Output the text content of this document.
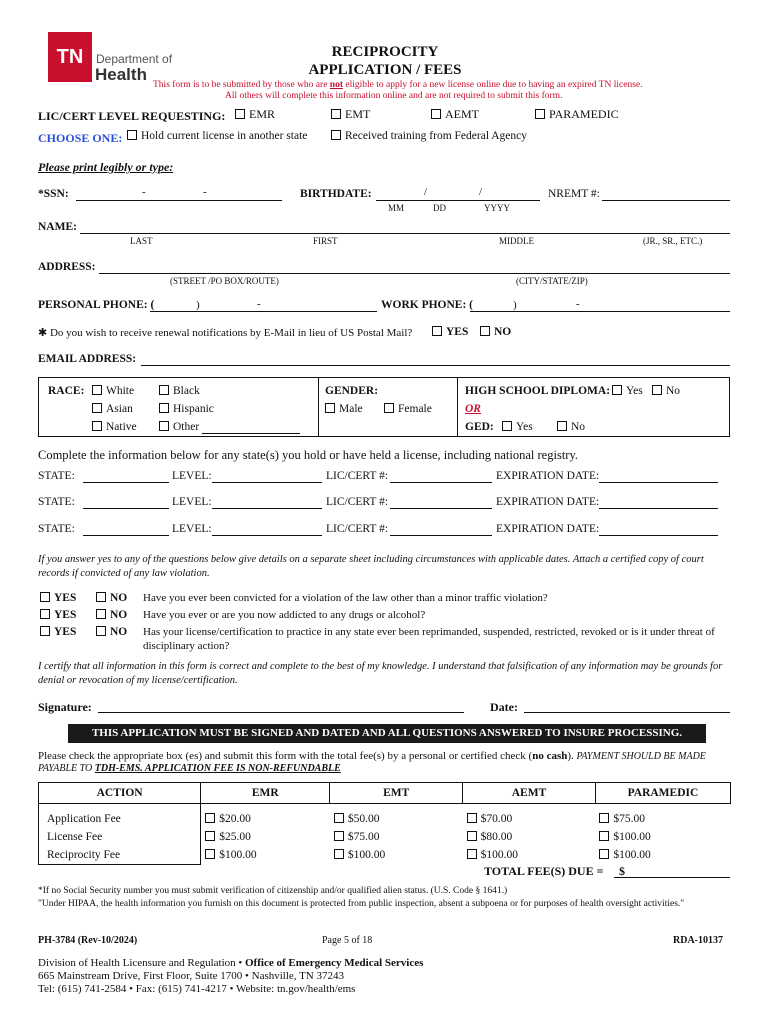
TN	Department of
Health
RECIPROCITY
APPLICATION / FEES
This form is to be submitted by those who are not eligible to apply for a new license online due to having an expired TN license.
All others will complete this information online and are not required to submit this form.
LIC/CERT LEVEL REQUESTING:	EMR	EMT	AEMT	PARAMEDIC
CHOOSE ONE:	Hold current license in another state	Received training from Federal Agency
Please print legibly or type:
*SSN:	-	-	BIRTHDATE:	/	/
MM	DD	YYYY
NREMT #:
NAME:
LAST	FIRST	MIDDLE	(JR., SR., ETC.)
ADDRESS:
(STREET /PO BOX/ROUTE)	(CITY/STATE/ZIP)
PERSONAL PHONE: (	)	-	WORK PHONE: (	)	-
✱ Do you wish to receive renewal notifications by E-Mail in lieu of US Postal Mail?	YES	NO
EMAIL ADDRESS:
RACE:	White
Asian
Native
Black
Hispanic
Other
GENDER:
Male	Female
HIGH SCHOOL DIPLOMA:	Yes	No
OR
GED:	Yes	No
Complete the information below for any state(s) you hold or have held a license, including national registry.
STATE:	LEVEL:	LIC/CERT #:	EXPIRATION DATE:
STATE:	LEVEL:	LIC/CERT #:	EXPIRATION DATE:
STATE:	LEVEL:	LIC/CERT #:	EXPIRATION DATE:
If you answer yes to any of the questions below give details on a separate sheet including circumstances with applicable dates. Attach a certified copy of court records if convicted of any law violation.
YES	NO Have you ever been convicted for a violation of the law other than a minor traffic violation?
YES	NO Have you ever or are you now addicted to any drugs or alcohol?
YES	NO Has your license/certification to practice in any state ever been reprimanded, suspended, restricted, revoked or is it under threat of
disciplinary action?
I certify that all information in this form is correct and complete to the best of my knowledge. I understand that falsification of any information may be grounds for denial or revocation of my license/certification.
Signature:	Date:
THIS APPLICATION MUST BE SIGNED AND DATED AND ALL QUESTIONS ANSWERED TO INSURE PROCESSING.
Please check the appropriate box (es) and submit this form with the total fee(s) by a personal or certified check (no cash). PAYMENT SHOULD BE MADE
PAYABLE TO TDH-EMS. APPLICATION FEE IS NON-REFUNDABLE
ACTION	EMR	EMT	AEMT	PARAMEDIC
Application Fee	$20.00	$50.00	$70.00	$75.00
License Fee	$25.00	$75.00	$80.00	$100.00
Reciprocity Fee	$100.00	$100.00	$100.00	$100.00
TOTAL FEE(S) DUE = $
*If no Social Security number you must submit verification of citizenship and/or qualified alien status. (U.S. Code § 1641.)
"Under HIPAA, the health information you furnish on this document is protected from public inspection, absent a subpoena or for purposes of health oversight activities."
PH-3784 (Rev-10/2024)	Page 5 of 18	RDA-10137
Division of Health Licensure and Regulation • Office of Emergency Medical Services
665 Mainstream Drive, First Floor, Suite 1700 • Nashville, TN 37243
Tel: (615) 741-2584 • Fax: (615) 741-4217 • Website: tn.gov/health/ems
